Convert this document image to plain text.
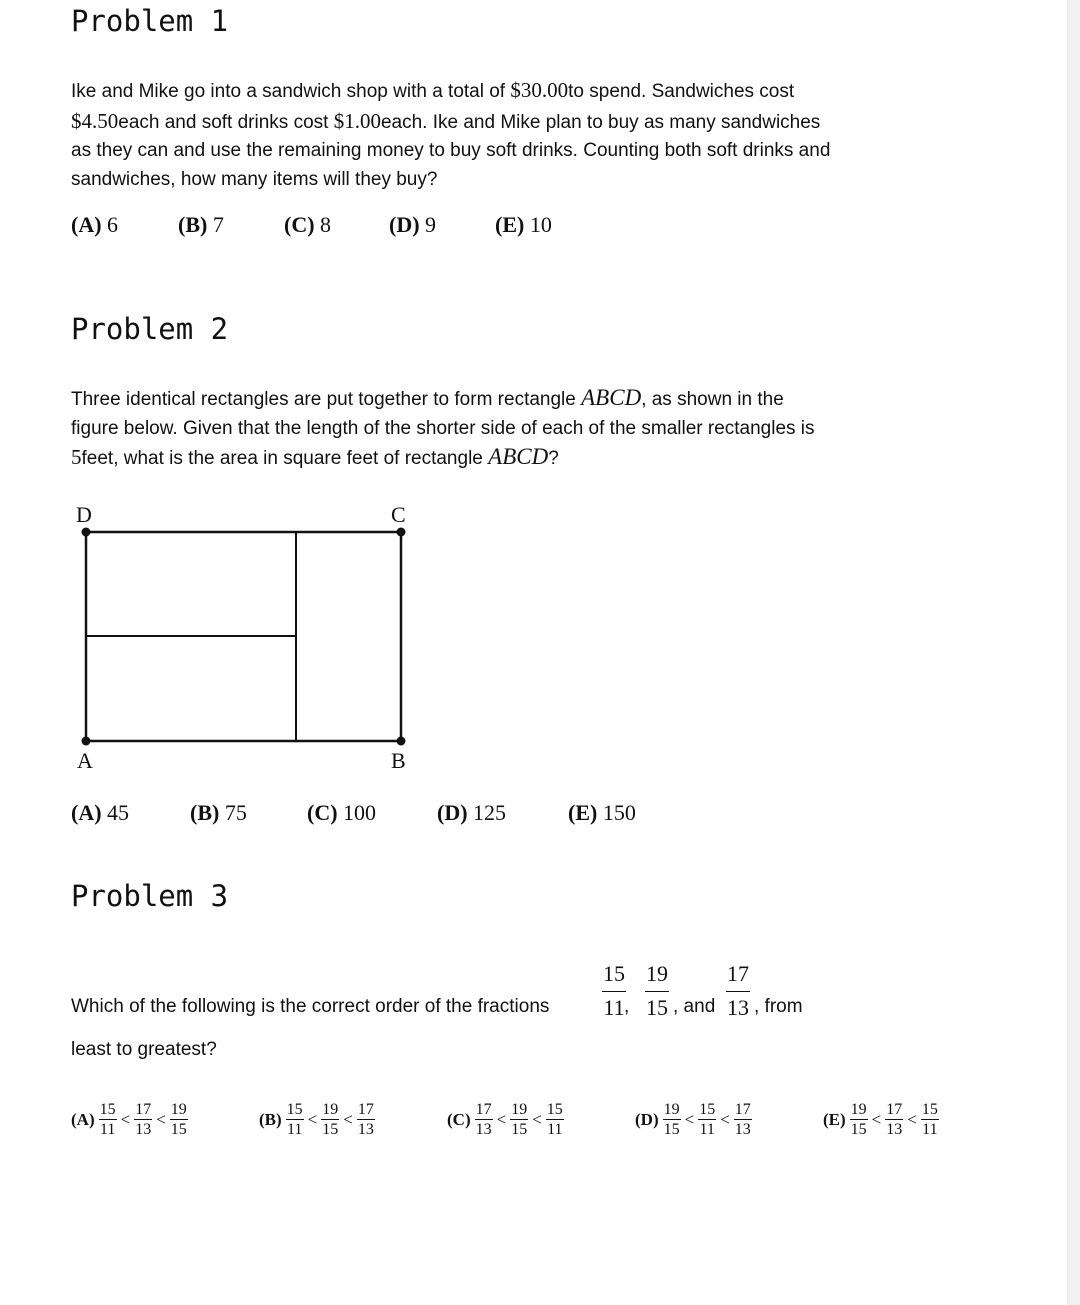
Problem 1

Ike and Mike go into a sandwich shop with a total of $30.00to spend. Sandwiches cost $4.50each and soft drinks cost $1.00each. Ike and Mike plan to buy as many sandwiches as they can and use the remaining money to buy soft drinks. Counting both soft drinks and sandwiches, how many items will they buy?

(A) 6	(B) 7	(C) 8	(D) 9	(E) 10
Problem 2

Three identical rectangles are put together to form rectangle ABCD, as shown in the figure below. Given that the length of the shorter side of each of the smaller rectangles is 5feet, what is the area in square feet of rectangle ABCD?

D	C
A	B
(A) 45	(B) 75	(C) 100	(D) 125	(E) 150
Problem 3
Which of the following is the correct order of the fractions
15
11 ,
19
15 , and
17
13 , from
least to greatest?
$(A) \frac{15}{11} < \frac{17}{13} < \frac{19}{15}$	$(B) \frac{15}{11} < \frac{19}{15} < \frac{17}{13}$	$(C) \frac{17}{13} < \frac{19}{15} < \frac{15}{11}$	$(D) \frac{19}{15} < \frac{15}{11} < \frac{17}{13}$	$(E) \frac{19}{15} < \frac{17}{13} < \frac{15}{11}$
